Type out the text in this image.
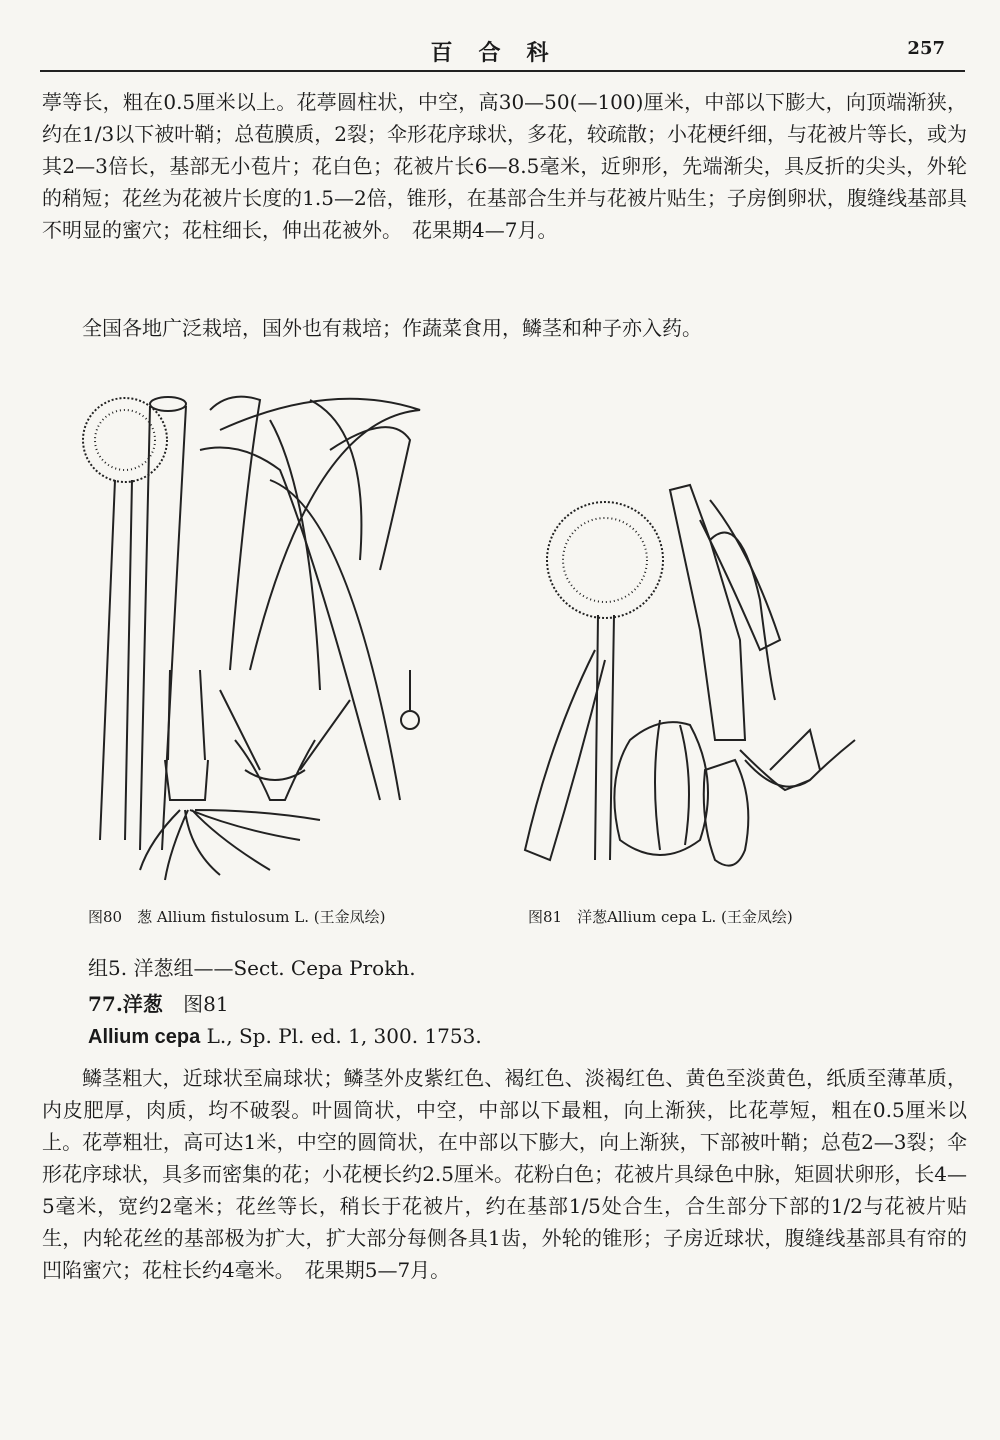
百合科	257
葶等长，粗在0.5厘米以上。花葶圆柱状，中空，高30—50(—100)厘米，中部以下膨大，向顶端渐狭，约在1/3以下被叶鞘；总苞膜质，2裂；伞形花序球状，多花，较疏散；小花梗纤细，与花被片等长，或为其2—3倍长，基部无小苞片；花白色；花被片长6—8.5毫米，近卵形，先端渐尖，具反折的尖头，外轮的稍短；花丝为花被片长度的1.5—2倍，锥形，在基部合生并与花被片贴生；子房倒卵状，腹缝线基部具不明显的蜜穴；花柱细长，伸出花被外。　花果期4—7月。
全国各地广泛栽培，国外也有栽培；作蔬菜食用，鳞茎和种子亦入药。
图80　葱 Allium fistulosum L. (王金凤绘)	图81　洋葱Allium cepa L. (王金凤绘)
组5. 洋葱组——Sect. Cepa Prokh.
77.洋葱 图81
Allium cepa L., Sp. Pl. ed. 1, 300. 1753.
鳞茎粗大，近球状至扁球状；鳞茎外皮紫红色、褐红色、淡褐红色、黄色至淡黄色，纸质至薄革质，内皮肥厚，肉质，均不破裂。叶圆筒状，中空，中部以下最粗，向上渐狭，比花葶短，粗在0.5厘米以上。花葶粗壮，高可达1米，中空的圆筒状，在中部以下膨大，向上渐狭，下部被叶鞘；总苞2—3裂；伞形花序球状，具多而密集的花；小花梗长约2.5厘米。花粉白色；花被片具绿色中脉，矩圆状卵形，长4—5毫米，宽约2毫米；花丝等长，稍长于花被片，约在基部1/5处合生，合生部分下部的1/2与花被片贴生，内轮花丝的基部极为扩大，扩大部分每侧各具1齿，外轮的锥形；子房近球状，腹缝线基部具有帘的凹陷蜜穴；花柱长约4毫米。　花果期5—7月。
